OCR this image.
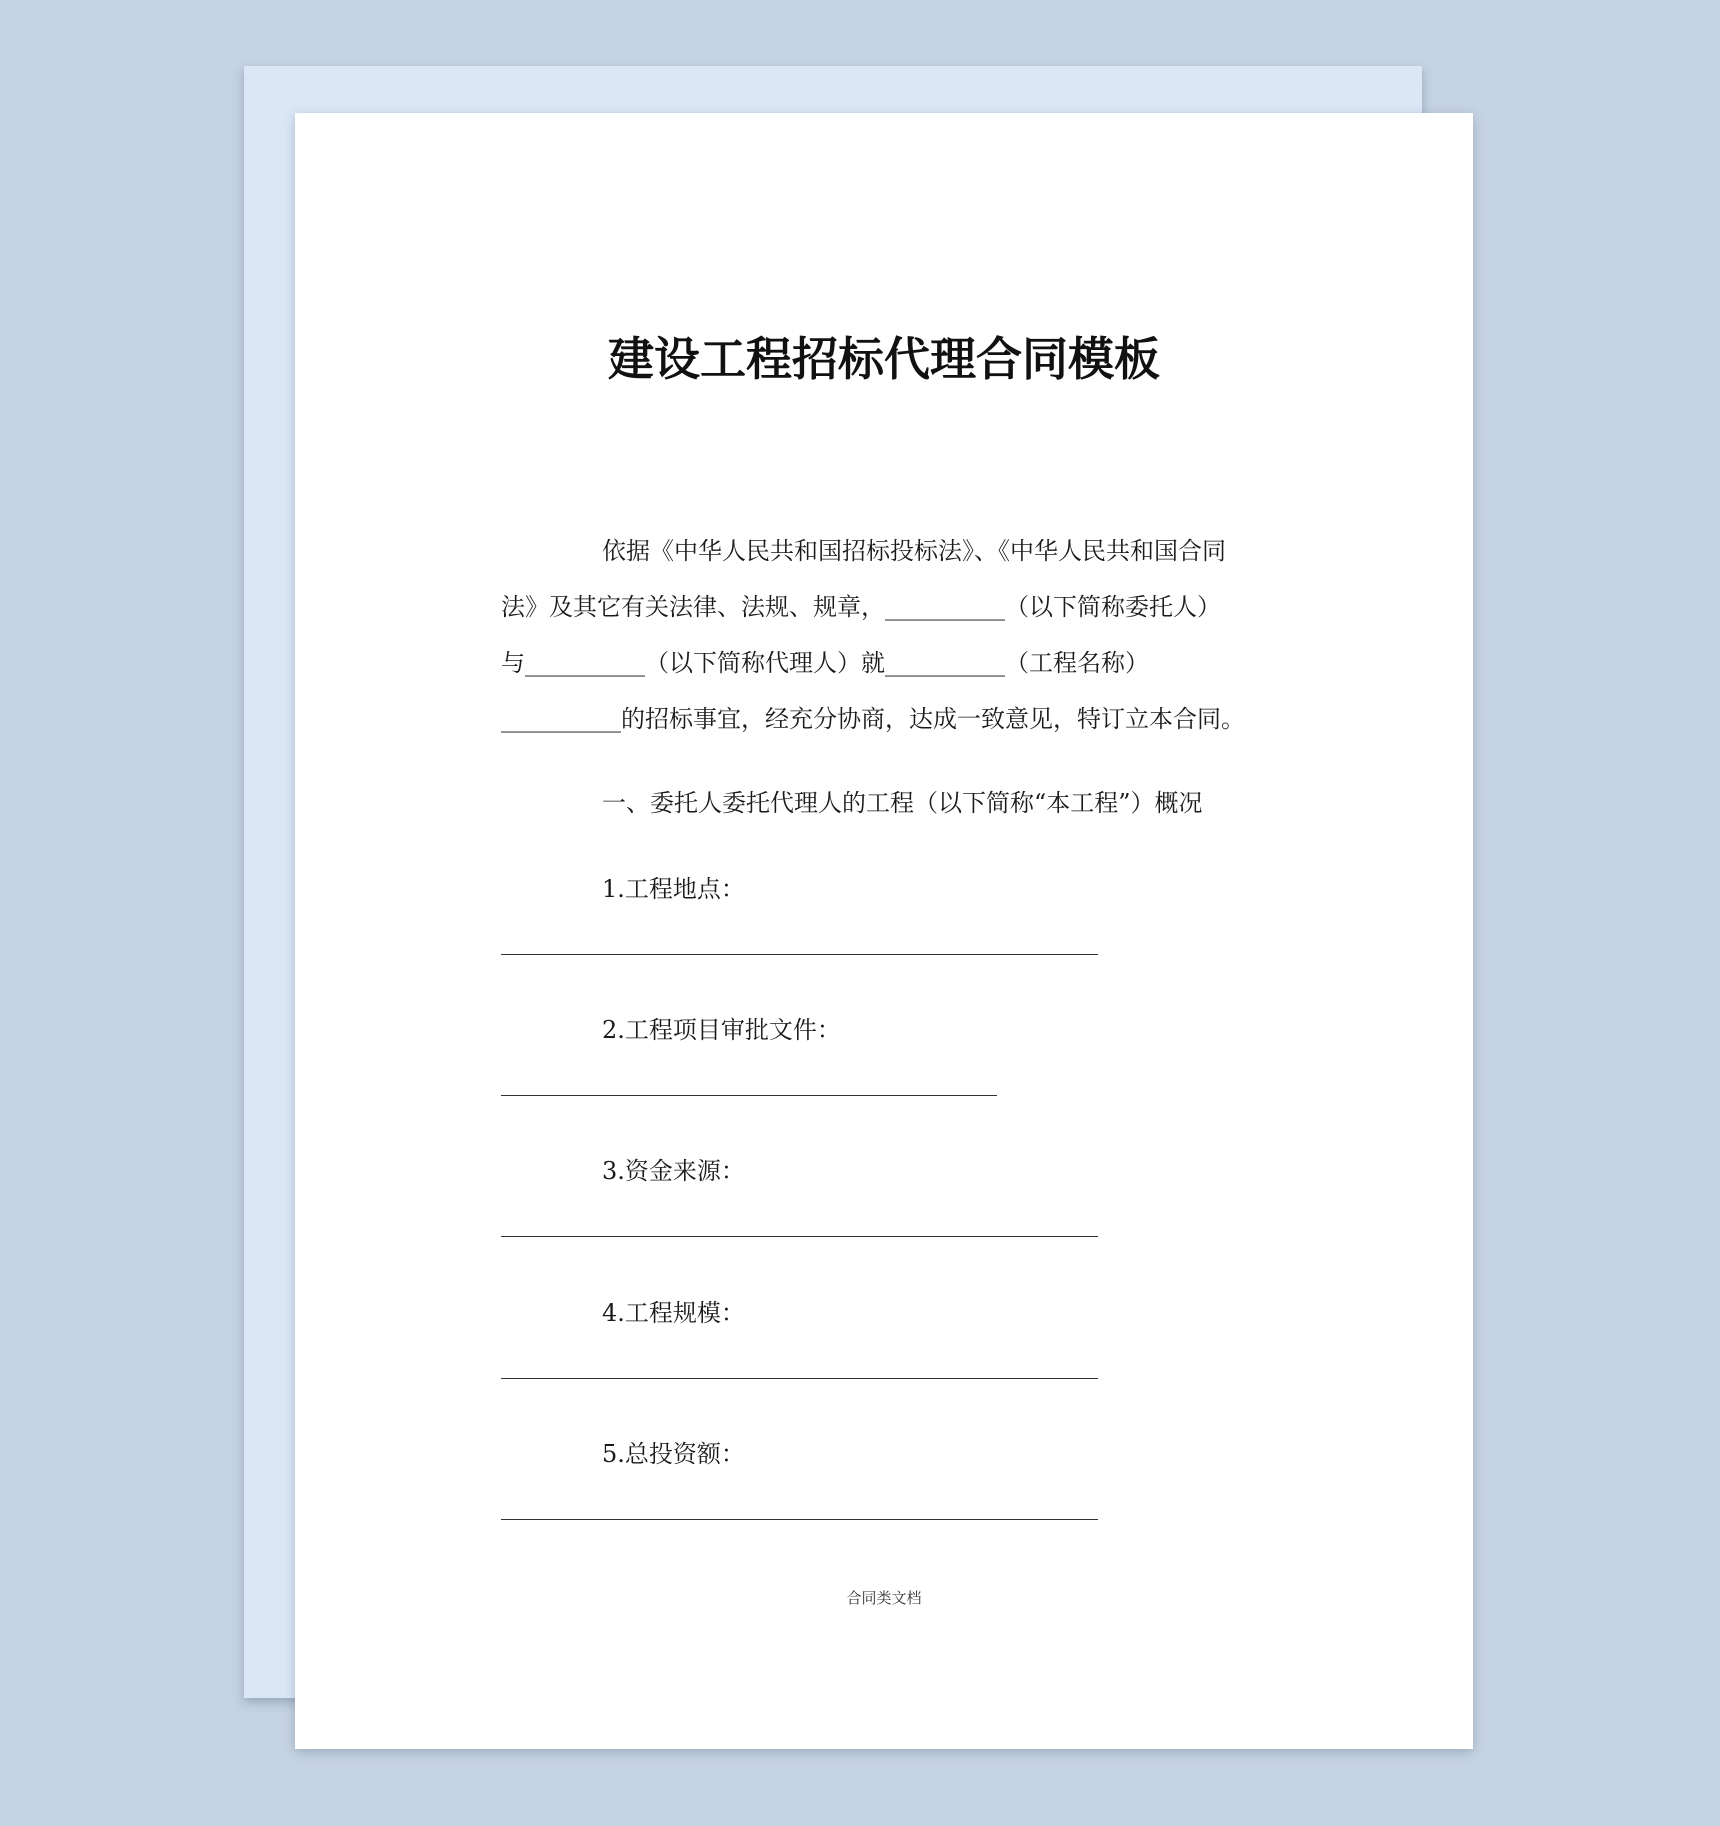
建设工程招标代理合同模板
依据《中华人民共和国招标投标法》、《中华人民共和国合同
法》及其它有关法律、法规、规章，__________（以下简称委托人）
与__________（以下简称代理人）就__________（工程名称）
__________的招标事宜，经充分协商，达成一致意见，特订立本合同。
一、委托人委托代理人的工程（以下简称“本工程”）概况
1.工程地点：
2.工程项目审批文件：
3.资金来源：
4.工程规模：
5.总投资额：
合同类文档
